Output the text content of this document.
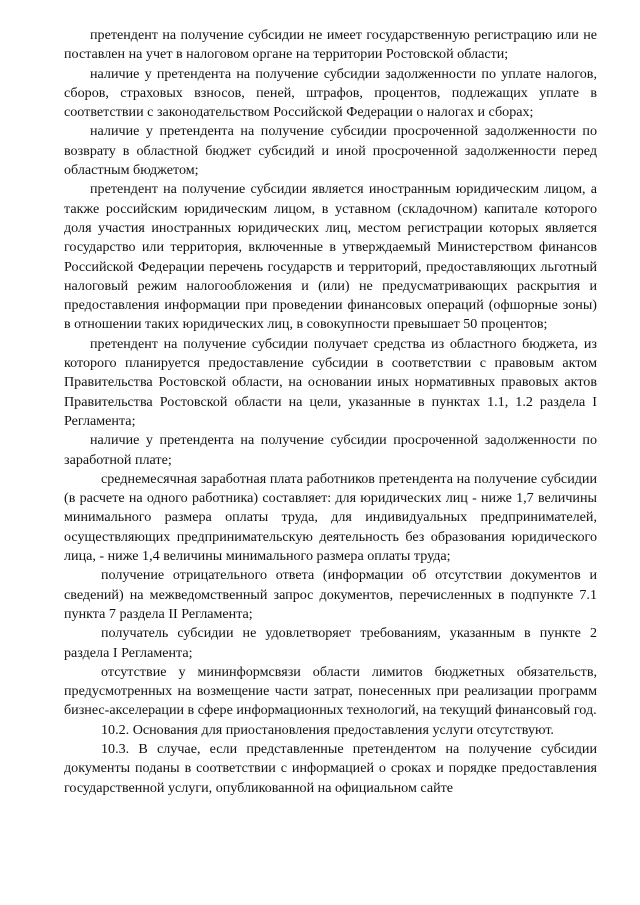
претендент на получение субсидии не имеет государственную регистрацию или не поставлен на учет в налоговом органе на территории Ростовской области;

наличие у претендента на получение субсидии задолженности по уплате налогов, сборов, страховых взносов, пеней, штрафов, процентов, подлежащих уплате в соответствии с законодательством Российской Федерации о налогах и сборах;

наличие у претендента на получение субсидии просроченной задолженности по возврату в областной бюджет субсидий и иной просроченной задолженности перед областным бюджетом;

претендент на получение субсидии является иностранным юридическим лицом, а также российским юридическим лицом, в уставном (складочном) капитале которого доля участия иностранных юридических лиц, местом регистрации которых является государство или территория, включенные в утверждаемый Министерством финансов Российской Федерации перечень государств и территорий, предоставляющих льготный налоговый режим налогообложения и (или) не предусматривающих раскрытия и предоставления информации при проведении финансовых операций (офшорные зоны) в отношении таких юридических лиц, в совокупности превышает 50 процентов;

претендент на получение субсидии получает средства из областного бюджета, из которого планируется предоставление субсидии в соответствии с правовым актом Правительства Ростовской области, на основании иных нормативных правовых актов Правительства Ростовской области на цели, указанные в пунктах 1.1, 1.2 раздела I Регламента;

наличие у претендента на получение субсидии просроченной задолженности по заработной плате;

среднемесячная заработная плата работников претендента на получение субсидии (в расчете на одного работника) составляет: для юридических лиц - ниже 1,7 величины минимального размера оплаты труда, для индивидуальных предпринимателей, осуществляющих предпринимательскую деятельность без образования юридического лица, - ниже 1,4 величины минимального размера оплаты труда;

получение отрицательного ответа (информации об отсутствии документов и сведений) на межведомственный запрос документов, перечисленных в подпункте 7.1 пункта 7 раздела II Регламента;

получатель субсидии не удовлетворяет требованиям, указанным в пункте 2 раздела I Регламента;

отсутствие у мининформсвязи области лимитов бюджетных обязательств, предусмотренных на возмещение части затрат, понесенных при реализации программ бизнес-акселерации в сфере информационных технологий, на текущий финансовый год.

10.2. Основания для приостановления предоставления услуги отсутствуют.

10.3. В случае, если представленные претендентом на получение субсидии документы поданы в соответствии с информацией о сроках и порядке предоставления государственной услуги, опубликованной на официальном сайте
